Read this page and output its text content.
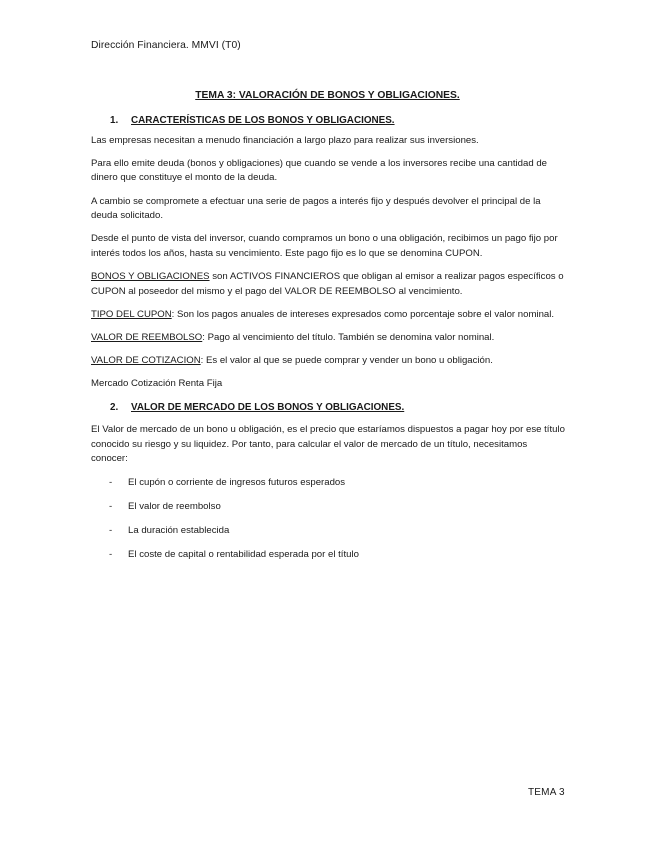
Dirección Financiera. MMVI (T0)
TEMA 3: VALORACIÓN DE BONOS Y OBLIGACIONES.
1.	CARACTERÍSTICAS DE LOS BONOS Y OBLIGACIONES.

Las empresas necesitan a menudo financiación a largo plazo para realizar sus inversiones.

Para ello emite deuda (bonos y obligaciones) que cuando se vende a los inversores recibe una cantidad de dinero que constituye el monto de la deuda.

A cambio se compromete a efectuar una serie de pagos a interés fijo y después devolver el principal de la deuda solicitado.

Desde el punto de vista del inversor, cuando compramos un bono o una obligación, recibimos un pago fijo por interés todos los años, hasta su vencimiento. Este pago fijo es lo que se denomina CUPON.

BONOS Y OBLIGACIONES son ACTIVOS FINANCIEROS que obligan al emisor a realizar pagos específicos o CUPON al poseedor del mismo y el pago del VALOR DE REEMBOLSO al vencimiento.

TIPO DEL CUPON: Son los pagos anuales de intereses expresados como porcentaje sobre el valor nominal.

VALOR DE REEMBOLSO: Pago al vencimiento del título. También se denomina valor nominal.

VALOR DE COTIZACION: Es el valor al que se puede comprar y vender un bono u obligación.

Mercado Cotización Renta Fija

2.	VALOR DE MERCADO DE LOS BONOS Y OBLIGACIONES.

El Valor de mercado de un bono u obligación, es el precio que estaríamos dispuestos a pagar hoy por ese título conocido su riesgo y su liquidez. Por tanto, para calcular el valor de mercado de un título, necesitamos conocer:

-	El cupón o corriente de ingresos futuros esperados
-	El valor de reembolso
-	La duración establecida
-	El coste de capital o rentabilidad esperada por el título
TEMA 3
